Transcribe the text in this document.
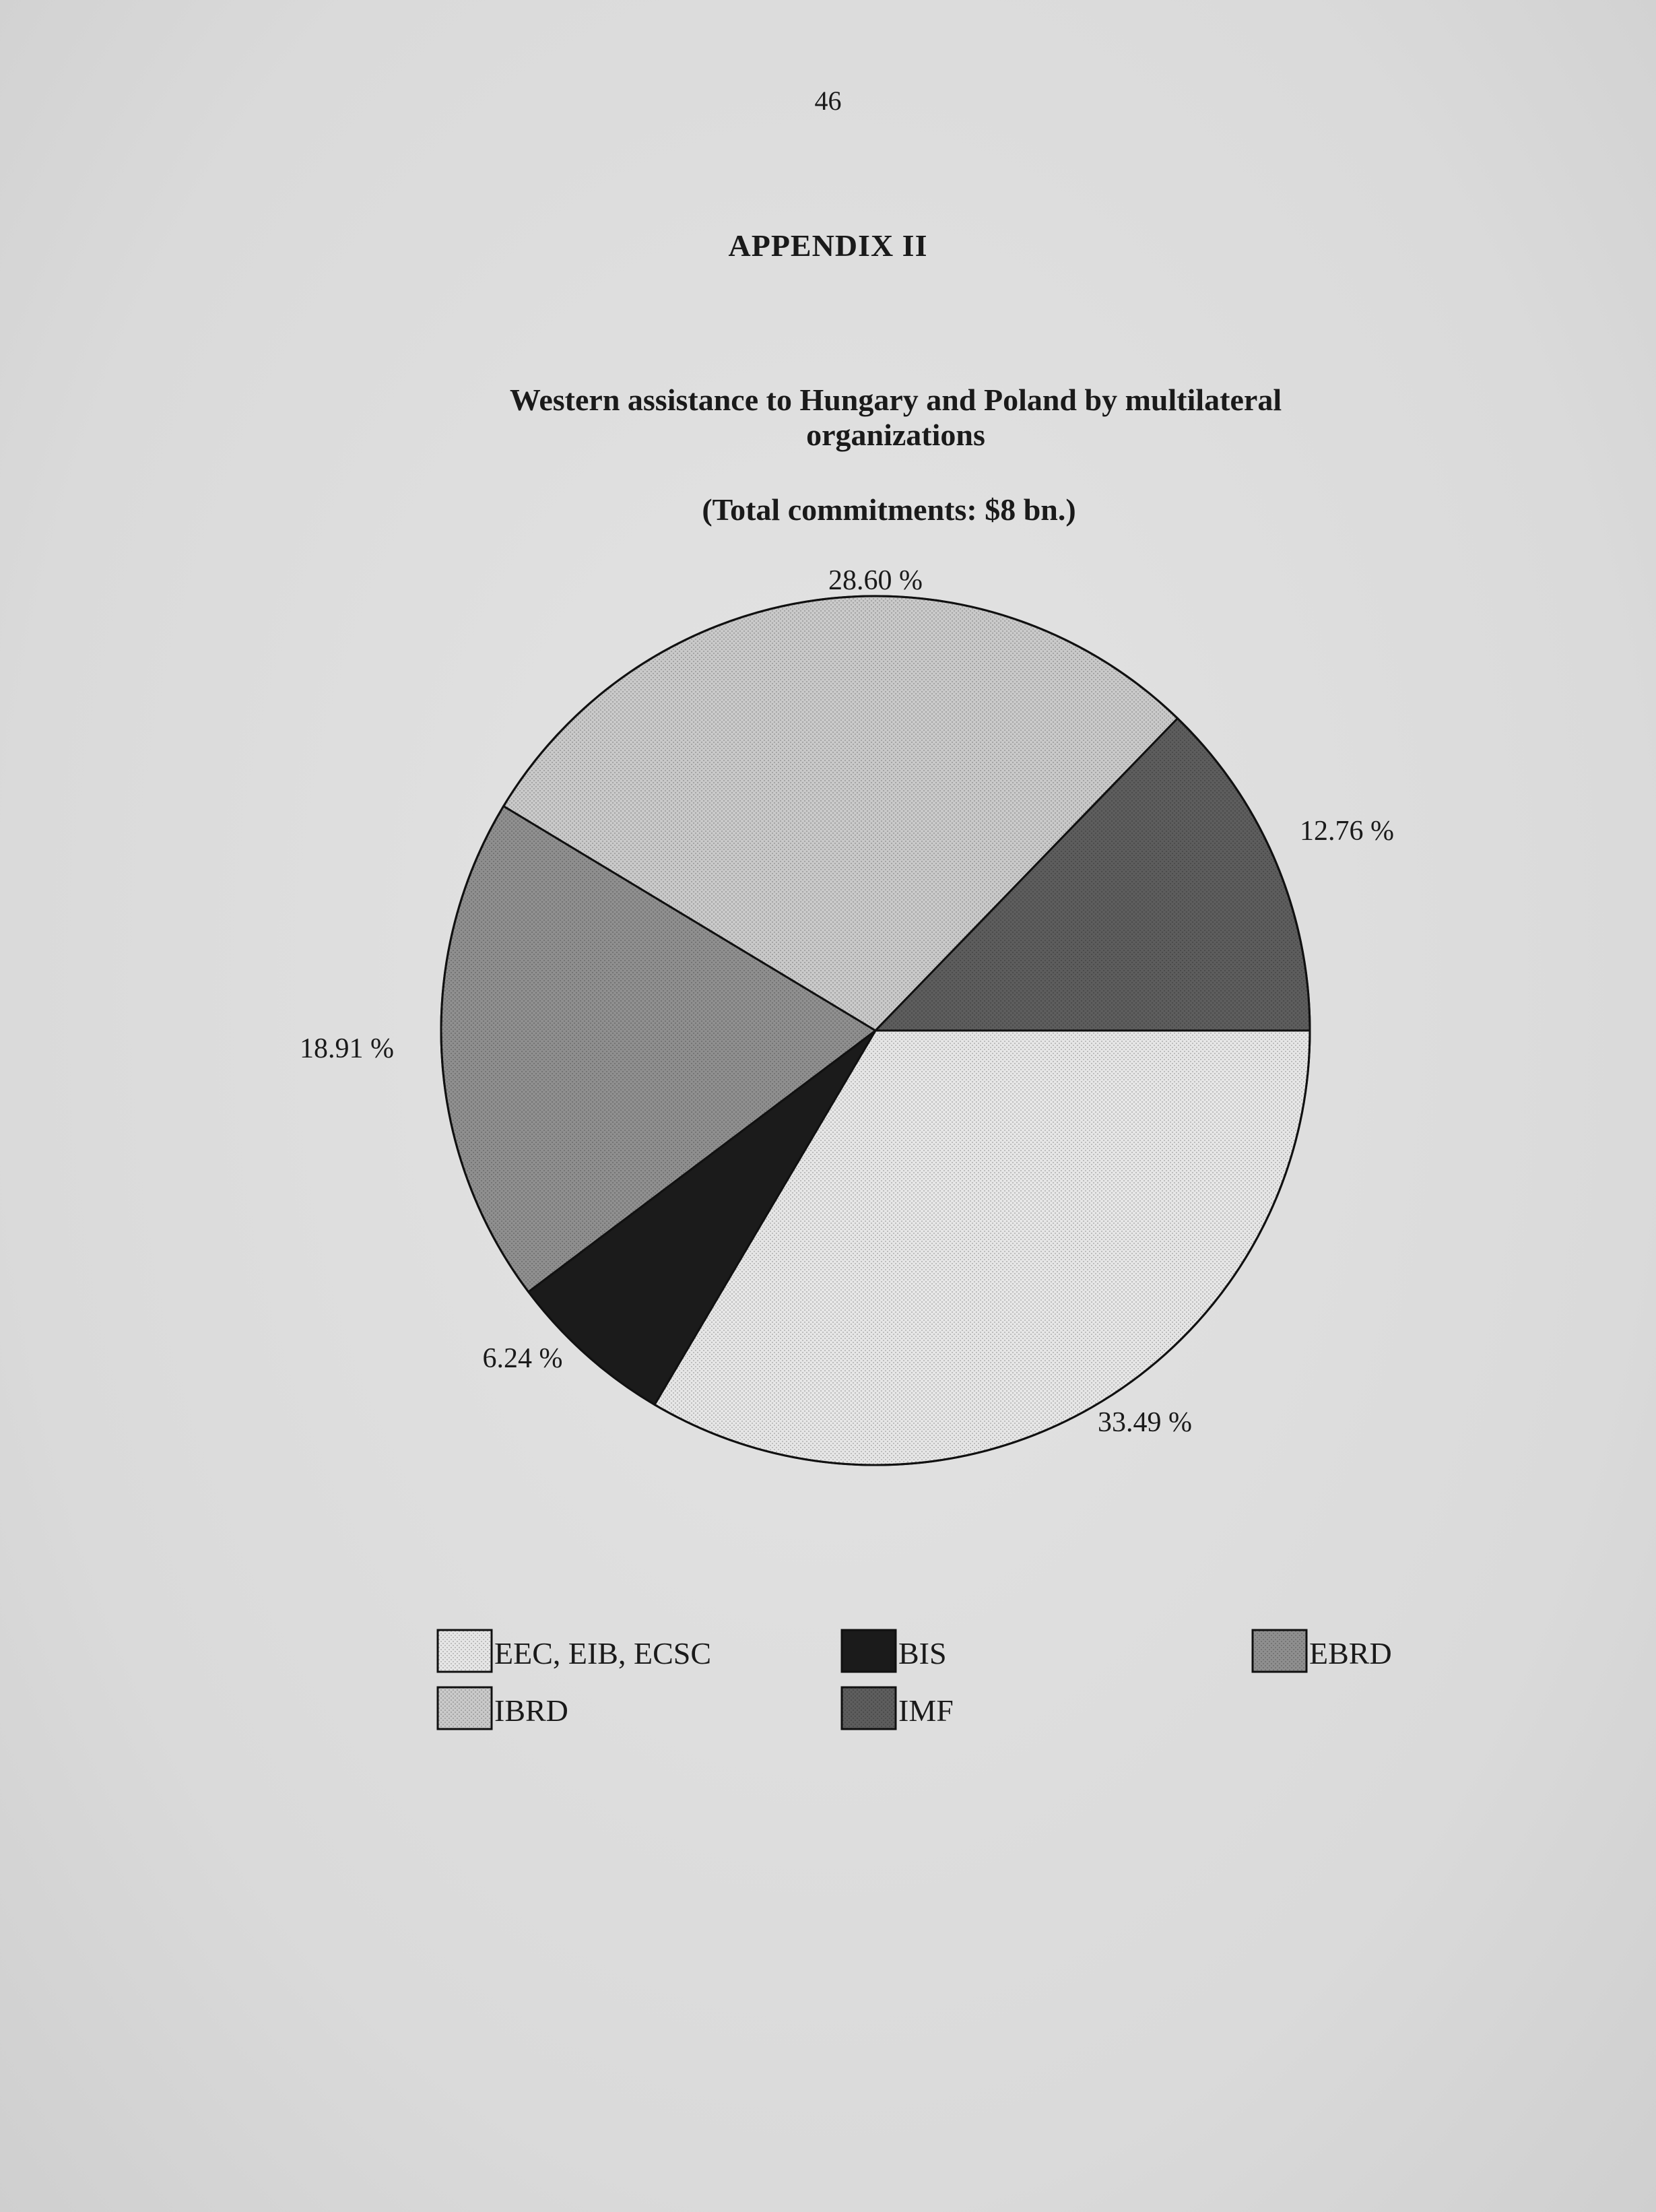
46
APPENDIX II
Western assistance to Hungary and Poland by multilateral organizations
(Total commitments: $8 bn.)
33.49 %
6.24 %
18.91 %
28.60 %
12.76 %
EEC, EIB, ECSC	BIS	EBRD
IBRD	IMF
